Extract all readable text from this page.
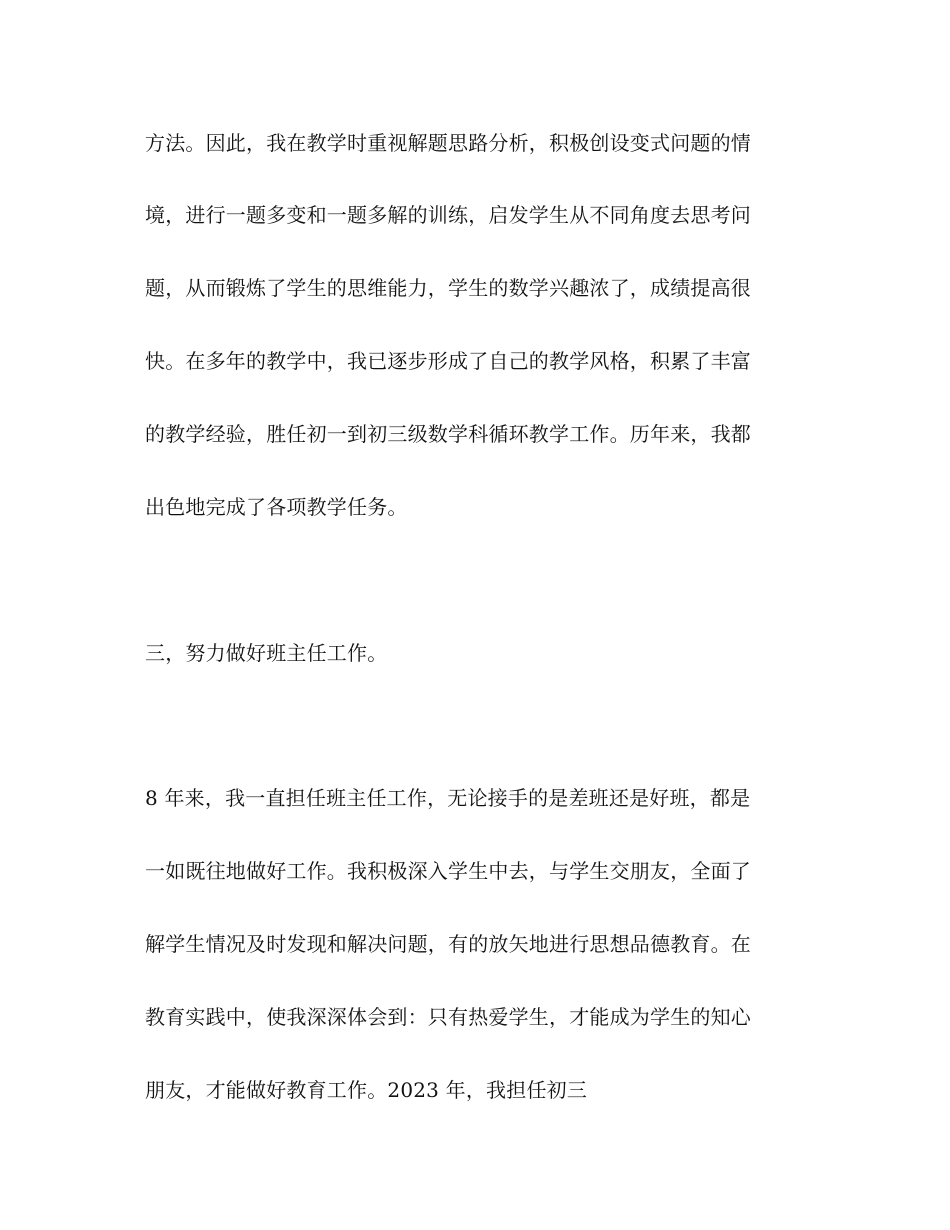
方法。因此，我在教学时重视解题思路分析，积极创设变式问题的情
境，进行一题多变和一题多解的训练，启发学生从不同角度去思考问
题，从而锻炼了学生的思维能力，学生的数学兴趣浓了，成绩提高很
快。在多年的教学中，我已逐步形成了自己的教学风格，积累了丰富
的教学经验，胜任初一到初三级数学科循环教学工作。历年来，我都
出色地完成了各项教学任务。
三，努力做好班主任工作。
8 年来，我一直担任班主任工作，无论接手的是差班还是好班，都是
一如既往地做好工作。我积极深入学生中去，与学生交朋友，全面了
解学生情况及时发现和解决问题，有的放矢地进行思想品德教育。在
教育实践中，使我深深体会到：只有热爱学生，才能成为学生的知心
朋友，才能做好教育工作。2023 年，我担任初三
